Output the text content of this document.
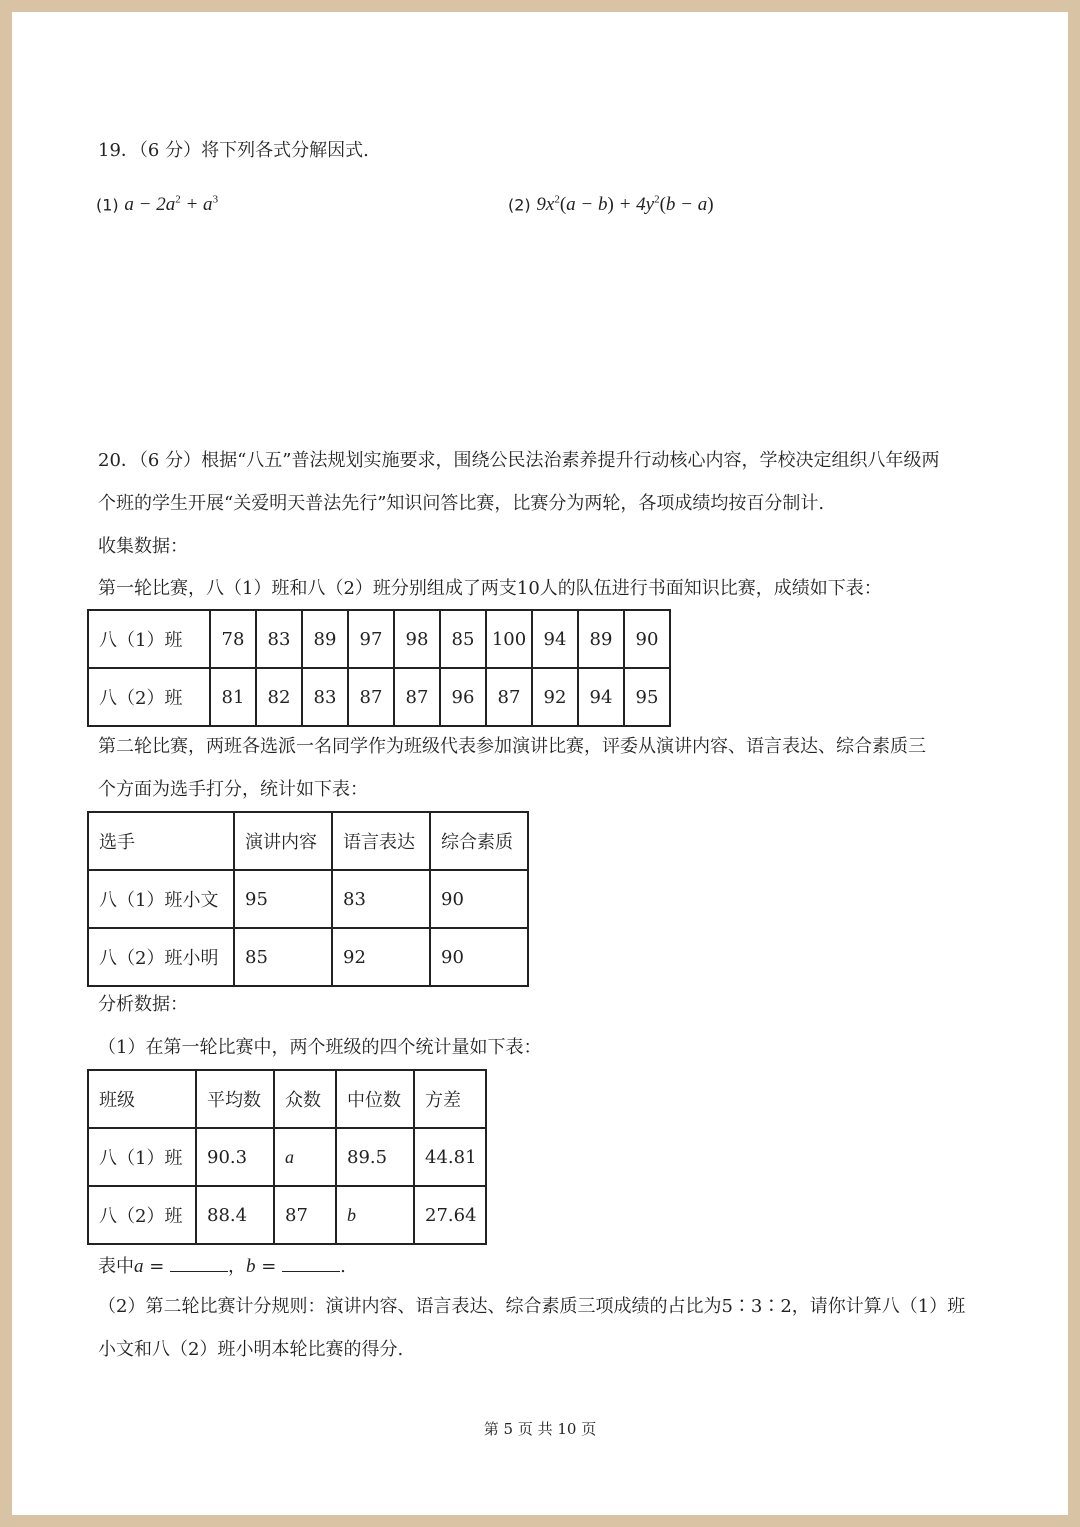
19．（6 分）将下列各式分解因式.
(1) $a - 2a^2 + a^3$	(2) $9x^2(a - b) + 4y^2(b - a)$
20．（6 分）根据“八五”普法规划实施要求，围绕公民法治素养提升行动核心内容，学校决定组织八年级两
个班的学生开展“关爱明天普法先行”知识问答比赛，比赛分为两轮，各项成绩均按百分制计.
收集数据：
第一轮比赛，八（1）班和八（2）班分别组成了两支10人的队伍进行书面知识比赛，成绩如下表：
八（1）班	78	83	89	97	98	85	100	94	89	90
八（2）班	81	82	83	87	87	96	87	92	94	95
第二轮比赛，两班各选派一名同学作为班级代表参加演讲比赛，评委从演讲内容、语言表达、综合素质三
个方面为选手打分，统计如下表：
选手	演讲内容	语言表达	综合素质
八（1）班小文	95	83	90
八（2）班小明	85	92	90
分析数据：
（1）在第一轮比赛中，两个班级的四个统计量如下表：
班级	平均数	众数	中位数	方差
八（1）班	90.3	a	89.5	44.81
八（2）班	88.4	87	b	27.64
表中a =	，b =	.
（2）第二轮比赛计分规则：演讲内容、语言表达、综合素质三项成绩的占比为5∶3∶2，请你计算八（1）班
小文和八（2）班小明本轮比赛的得分.
第 5 页 共 10 页
